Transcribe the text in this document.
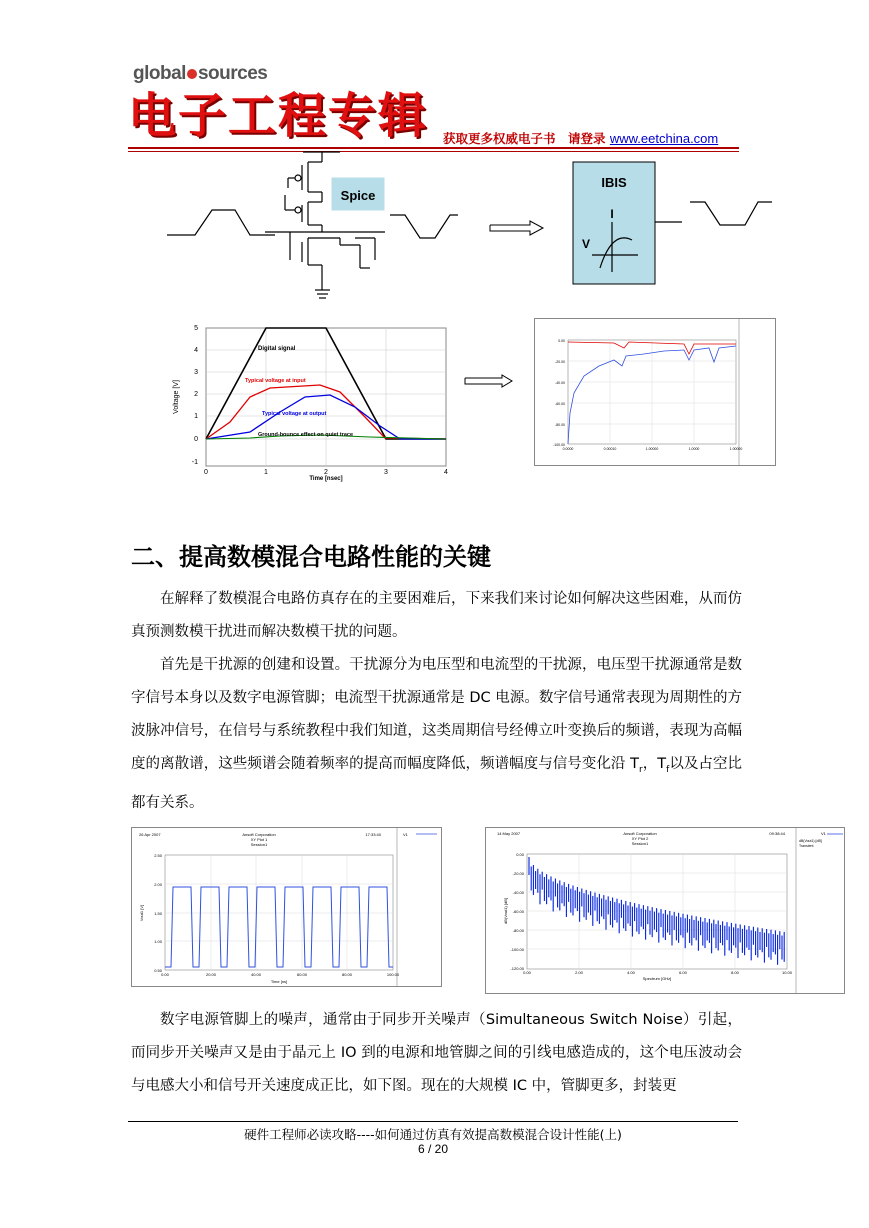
global sources
电子工程专辑 获取更多权威电子书　请登录 www.eetchina.com
Spice
IBIS
I
V
5
4
3
2
1
0
-1
0	1	2	3	4
Time [nsec]
Voltage [V]
Digital signal
Typical voltage at input
Typical voltage at output
Ground-bounce effect on quiet trace
0.00
-20.00
-40.00
-60.00
-80.00
-100.00
0.0000	0.00010	1.00000	1.0000	1.00000
二、提高数模混合电路性能的关键
在解释了数模混合电路仿真存在的主要困难后，下来我们来讨论如何解决这些困难，从而仿真预测数模干扰进而解决数模干扰的问题。
首先是干扰源的创建和设置。干扰源分为电压型和电流型的干扰源，电压型干扰源通常是数字信号本身以及数字电源管脚；电流型干扰源通常是 DC 电源。数字信号通常表现为周期性的方波脉冲信号，在信号与系统教程中我们知道，这类周期信号经傅立叶变换后的频谱，表现为高幅度的离散谱，这些频谱会随着频率的提高而幅度降低，频谱幅度与信号变化沿 $T_r$，$T_f$以及占空比都有关系。
26 Apr 2007	Ansoft Corporation
XY Plot 1
Session1
17:33:40	V1
2.50
2.00
1.50
1.00
0.50
0.00	20.00	40.00	60.00	80.00	100.00
Time [ns]
Vout1 [V]
14 May 2007	Ansoft Corporation
XY Plot 2
Session1
09:38:44	V1
dB(Vout1) [dB]
Transient
0.00
-20.00
-40.00
-60.00
-80.00
-100.00
-120.00
0.00	2.00	4.00	6.00	8.00	10.00
Spectrum [GHz]
dB(Vout1) [dB]
数字电源管脚上的噪声，通常由于同步开关噪声（Simultaneous Switch Noise）引起，而同步开关噪声又是由于晶元上 IO 到的电源和地管脚之间的引线电感造成的，这个电压波动会与电感大小和信号开关速度成正比，如下图。现在的大规模 IC 中，管脚更多，封装更
硬件工程师必读攻略----如何通过仿真有效提高数模混合设计性能(上)
6 / 20
